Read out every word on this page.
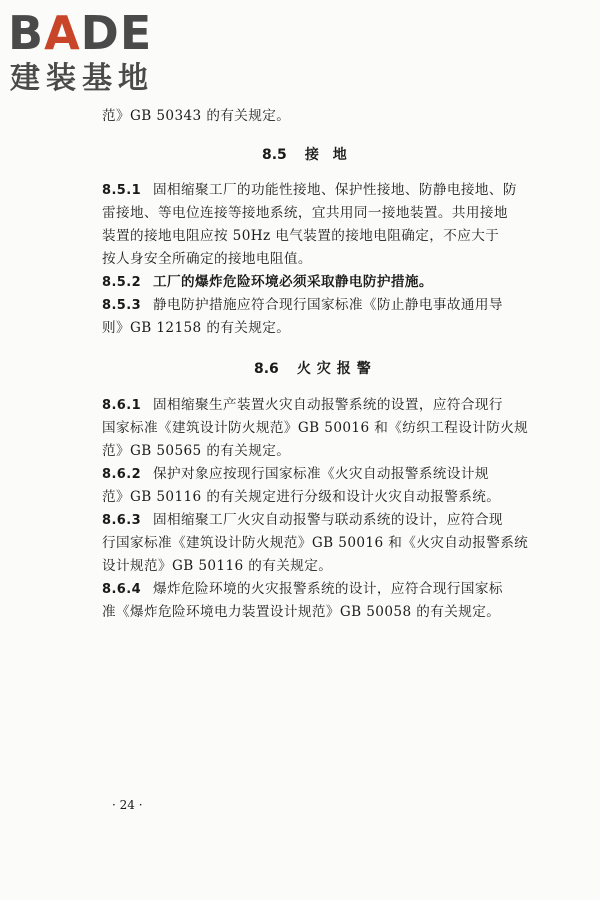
BADE
建装基地
范》GB 50343 的有关规定。
8.5 接　地
8.5.1 固相缩聚工厂的功能性接地、保护性接地、防静电接地、防
雷接地、等电位连接等接地系统，宜共用同一接地装置。共用接地
装置的接地电阻应按 50Hz 电气装置的接地电阻确定，不应大于
按人身安全所确定的接地电阻值。
8.5.2 工厂的爆炸危险环境必须采取静电防护措施。
8.5.3 静电防护措施应符合现行国家标准《防止静电事故通用导
则》GB 12158 的有关规定。
8.6 火灾报警
8.6.1 固相缩聚生产装置火灾自动报警系统的设置，应符合现行
国家标准《建筑设计防火规范》GB 50016 和《纺织工程设计防火规
范》GB 50565 的有关规定。
8.6.2 保护对象应按现行国家标准《火灾自动报警系统设计规
范》GB 50116 的有关规定进行分级和设计火灾自动报警系统。
8.6.3 固相缩聚工厂火灾自动报警与联动系统的设计，应符合现
行国家标准《建筑设计防火规范》GB 50016 和《火灾自动报警系统
设计规范》GB 50116 的有关规定。
8.6.4 爆炸危险环境的火灾报警系统的设计，应符合现行国家标
准《爆炸危险环境电力装置设计规范》GB 50058 的有关规定。
· 24 ·
